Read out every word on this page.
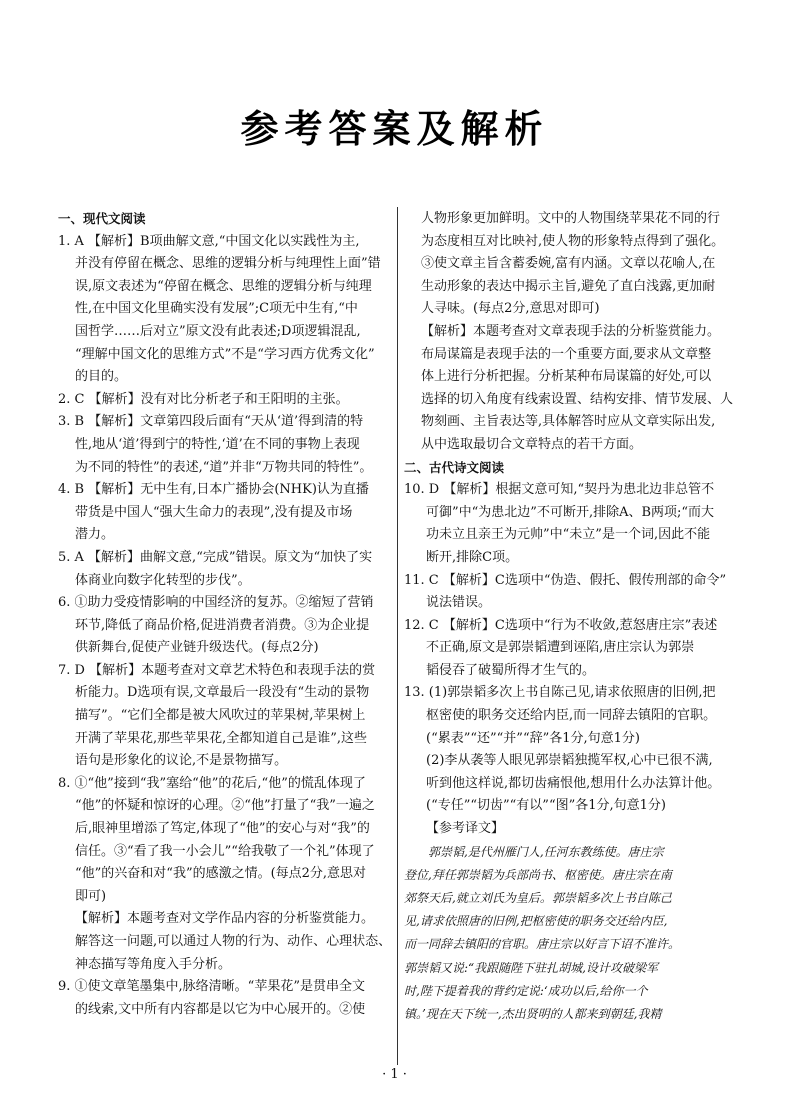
参考答案及解析
一、现代文阅读
1. A 【解析】B项曲解文意,“中国文化以实践性为主,
并没有停留在概念、思维的逻辑分析与纯理性上面”错
误,原文表述为“停留在概念、思维的逻辑分析与纯理
性,在中国文化里确实没有发展”;C项无中生有,“中
国哲学……后对立”原文没有此表述;D项逻辑混乱,
“理解中国文化的思维方式”不是“学习西方优秀文化”
的目的。
2. C 【解析】没有对比分析老子和王阳明的主张。
3. B 【解析】文章第四段后面有“天从‘道’得到清的特
性,地从‘道’得到宁的特性,‘道’在不同的事物上表现
为不同的特性”的表述,“道”并非“万物共同的特性”。
4. B 【解析】无中生有,日本广播协会(NHK)认为直播
带货是中国人“强大生命力的表现”,没有提及市场
潜力。
5. A 【解析】曲解文意,“完成”错误。原文为“加快了实
体商业向数字化转型的步伐”。
6. ①助力受疫情影响的中国经济的复苏。②缩短了营销
环节,降低了商品价格,促进消费者消费。③为企业提
供新舞台,促使产业链升级迭代。(每点2分)
7. D 【解析】本题考查对文章艺术特色和表现手法的赏
析能力。D选项有误,文章最后一段没有“生动的景物
描写”。“它们全都是被大风吹过的苹果树,苹果树上
开满了苹果花,那些苹果花,全都知道自己是谁”,这些
语句是形象化的议论,不是景物描写。
8. ①“他”接到“我”塞给“他”的花后,“他”的慌乱体现了
“他”的怀疑和惊讶的心理。②“他”打量了“我”一遍之
后,眼神里增添了笃定,体现了“他”的安心与对“我”的
信任。③“看了我一小会儿”“给我敬了一个礼”体现了
“他”的兴奋和对“我”的感激之情。(每点2分,意思对
即可)
【解析】本题考查对文学作品内容的分析鉴赏能力。
解答这一问题,可以通过人物的行为、动作、心理状态、
神态描写等角度入手分析。
9. ①使文章笔墨集中,脉络清晰。“苹果花”是贯串全文
的线索,文中所有内容都是以它为中心展开的。②使
人物形象更加鲜明。文中的人物围绕苹果花不同的行
为态度相互对比映衬,使人物的形象特点得到了强化。
③使文章主旨含蓄委婉,富有内涵。文章以花喻人,在
生动形象的表达中揭示主旨,避免了直白浅露,更加耐
人寻味。(每点2分,意思对即可)
【解析】本题考查对文章表现手法的分析鉴赏能力。
布局谋篇是表现手法的一个重要方面,要求从文章整
体上进行分析把握。分析某种布局谋篇的好处,可以
选择的切入角度有线索设置、结构安排、情节发展、人
物刻画、主旨表达等,具体解答时应从文章实际出发,
从中选取最切合文章特点的若干方面。
二、古代诗文阅读
10. D 【解析】根据文意可知,“契丹为患北边非总管不
可御”中“为患北边”不可断开,排除A、B两项;“而大
功未立且亲王为元帅”中“未立”是一个词,因此不能
断开,排除C项。
11. C 【解析】C选项中“伪造、假托、假传刑部的命令”
说法错误。
12. C 【解析】C选项中“行为不收敛,惹怒唐庄宗”表述
不正确,原文是郭崇韬遭到诬陷,唐庄宗认为郭崇
韬侵吞了破蜀所得才生气的。
13. (1)郭崇韬多次上书自陈己见,请求依照唐的旧例,把
枢密使的职务交还给内臣,而一同辞去镇阳的官职。
(“累表”“还”“并”“辞”各1分,句意1分)
(2)李从袭等人眼见郭崇韬独揽军权,心中已很不满,
听到他这样说,都切齿痛恨他,想用什么办法算计他。
(“专任”“切齿”“有以”“图”各1分,句意1分)
【参考译文】
郭崇韬,是代州雁门人,任河东教练使。唐庄宗
登位,拜任郭崇韬为兵部尚书、枢密使。唐庄宗在南
郊祭天后,就立刘氏为皇后。郭崇韬多次上书自陈己
见,请求依照唐的旧例,把枢密使的职务交还给内臣,
而一同辞去镇阳的官职。唐庄宗以好言下诏不准许。
郭崇韬又说:“我跟随陛下驻扎胡城,设计攻破梁军
时,陛下提着我的背约定说:‘成功以后,给你一个
镇。’现在天下统一,杰出贤明的人都来到朝廷,我精
· 1 ·
